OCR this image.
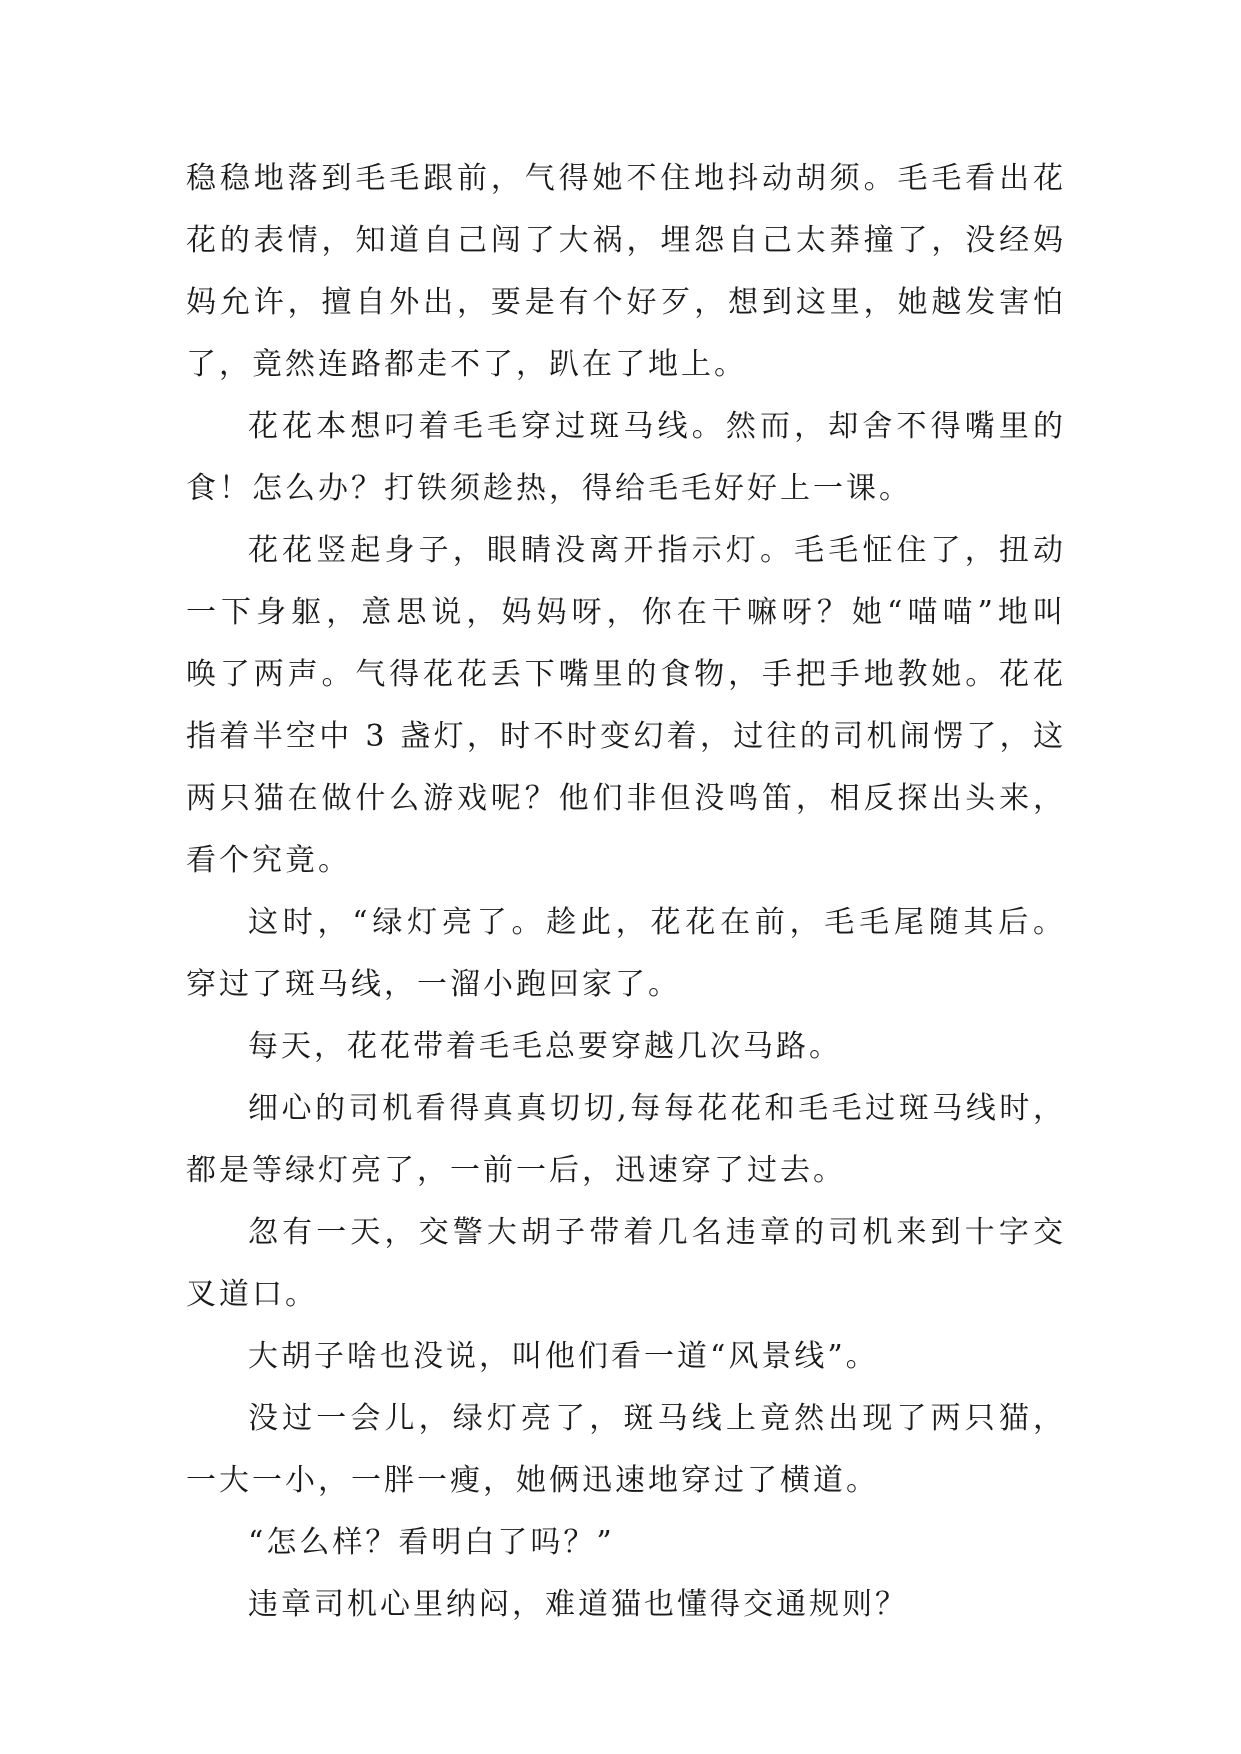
稳稳地落到毛毛跟前，气得她不住地抖动胡须。毛毛看出花
花的表情，知道自己闯了大祸，埋怨自己太莽撞了，没经妈
妈允许，擅自外出，要是有个好歹，想到这里，她越发害怕
了，竟然连路都走不了，趴在了地上。

花花本想叼着毛毛穿过斑马线。然而，却舍不得嘴里的
食！怎么办？打铁须趁热，得给毛毛好好上一课。

花花竖起身子，眼睛没离开指示灯。毛毛怔住了，扭动
一下身躯，意思说，妈妈呀，你在干嘛呀？她“喵喵”地叫
唤了两声。气得花花丢下嘴里的食物，手把手地教她。花花
指着半空中 3 盏灯，时不时变幻着，过往的司机闹愣了，这
两只猫在做什么游戏呢？他们非但没鸣笛，相反探出头来，
看个究竟。

这时，“绿灯亮了。趁此，花花在前，毛毛尾随其后。
穿过了斑马线，一溜小跑回家了。

每天，花花带着毛毛总要穿越几次马路。

细心的司机看得真真切切,每每花花和毛毛过斑马线时，
都是等绿灯亮了，一前一后，迅速穿了过去。

忽有一天，交警大胡子带着几名违章的司机来到十字交
叉道口。

大胡子啥也没说，叫他们看一道“风景线”。

没过一会儿，绿灯亮了，斑马线上竟然出现了两只猫，
一大一小，一胖一瘦，她俩迅速地穿过了横道。

“怎么样？看明白了吗？”

违章司机心里纳闷，难道猫也懂得交通规则？
